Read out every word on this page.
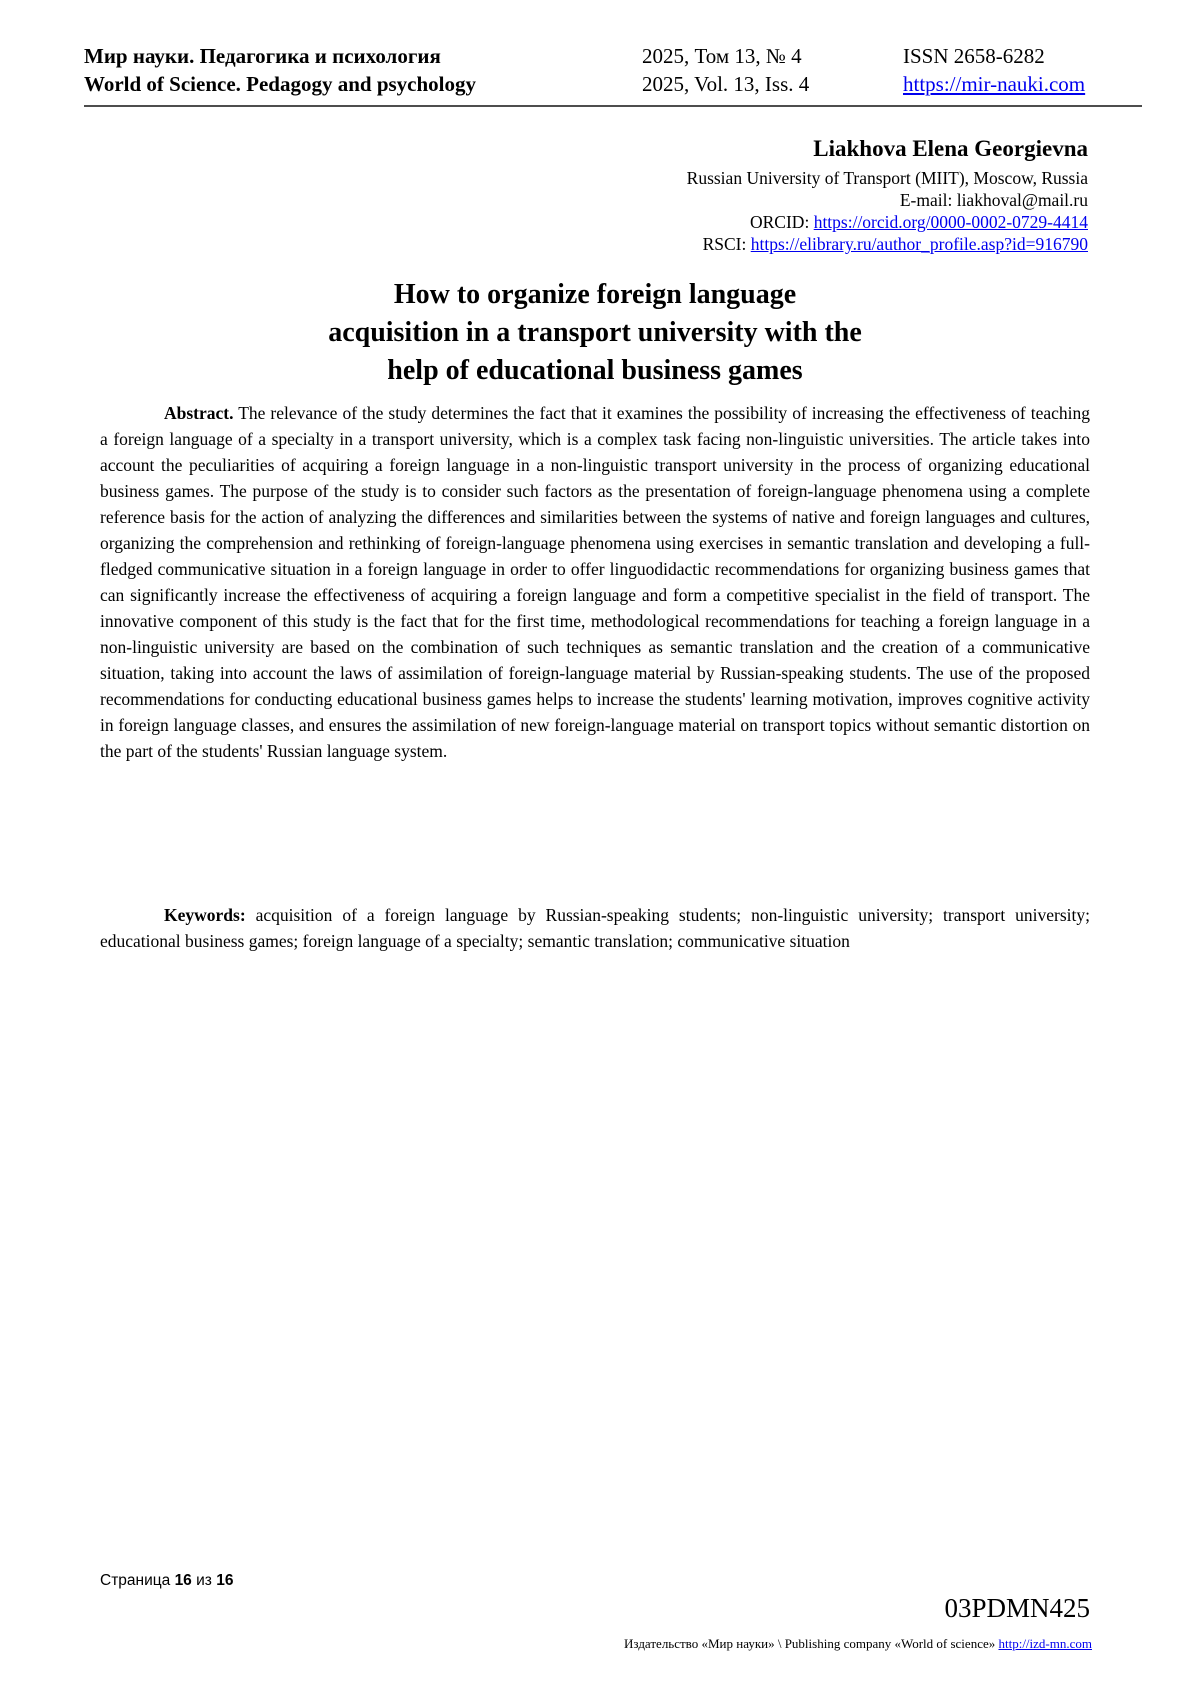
Мир науки. Педагогика и психология
World of Science. Pedagogy and psychology
2025, Том 13, № 4
2025, Vol. 13, Iss. 4
ISSN 2658-6282
https://mir-nauki.com
Liakhova Elena Georgievna
Russian University of Transport (MIIT), Moscow, Russia
E-mail: liakhoval@mail.ru
ORCID: https://orcid.org/0000-0002-0729-4414
RSCI: https://elibrary.ru/author_profile.asp?id=916790
How to organize foreign language
acquisition in a transport university with the
help of educational business games

Abstract. The relevance of the study determines the fact that it examines the possibility of increasing the effectiveness of teaching a foreign language of a specialty in a transport university, which is a complex task facing non-linguistic universities. The article takes into account the peculiarities of acquiring a foreign language in a non-linguistic transport university in the process of organizing educational business games. The purpose of the study is to consider such factors as the presentation of foreign-language phenomena using a complete reference basis for the action of analyzing the differences and similarities between the systems of native and foreign languages and cultures, organizing the comprehension and rethinking of foreign-language phenomena using exercises in semantic translation and developing a full-fledged communicative situation in a foreign language in order to offer linguodidactic recommendations for organizing business games that can significantly increase the effectiveness of acquiring a foreign language and form a competitive specialist in the field of transport. The innovative component of this study is the fact that for the first time, methodological recommendations for teaching a foreign language in a non-linguistic university are based on the combination of such techniques as semantic translation and the creation of a communicative situation, taking into account the laws of assimilation of foreign-language material by Russian-speaking students. The use of the proposed recommendations for conducting educational business games helps to increase the students' learning motivation, improves cognitive activity in foreign language classes, and ensures the assimilation of new foreign-language material on transport topics without semantic distortion on the part of the students' Russian language system.

Keywords: acquisition of a foreign language by Russian-speaking students; non-linguistic university; transport university; educational business games; foreign language of a specialty; semantic translation; communicative situation

Страница 16 из 16
03PDMN425
Издательство «Мир науки» \ Publishing company «World of science» http://izd-mn.com
